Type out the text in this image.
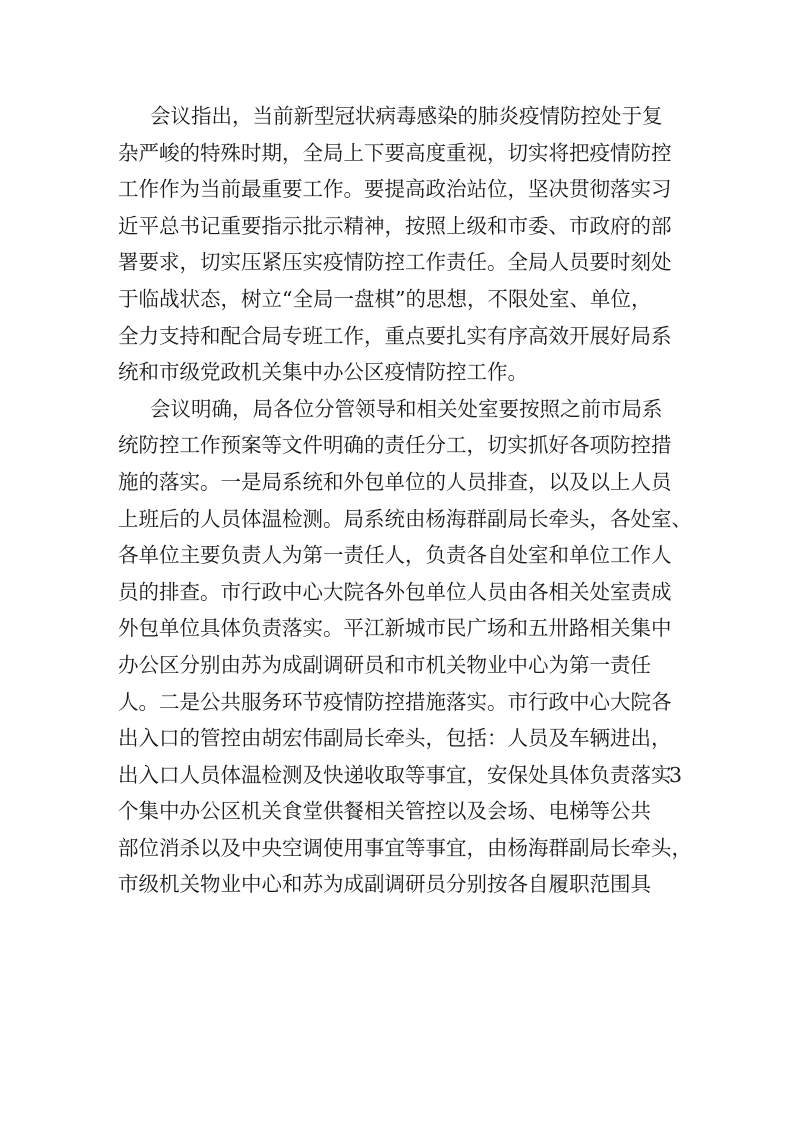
会议指出，当前新型冠状病毒感染的肺炎疫情防控处于复
杂严峻的特殊时期，全局上下要高度重视，切实将把疫情防控
工作作为当前最重要工作。要提高政治站位，坚决贯彻落实习
近平总书记重要指示批示精神，按照上级和市委、市政府的部
署要求，切实压紧压实疫情防控工作责任。全局人员要时刻处
于临战状态，树立“全局一盘棋”的思想，不限处室、单位，
全力支持和配合局专班工作，重点要扎实有序高效开展好局系
统和市级党政机关集中办公区疫情防控工作。
会议明确，局各位分管领导和相关处室要按照之前市局系
统防控工作预案等文件明确的责任分工，切实抓好各项防控措
施的落实。一是局系统和外包单位的人员排查，以及以上人员
上班后的人员体温检测。局系统由杨海群副局长牵头，各处室、
各单位主要负责人为第一责任人，负责各自处室和单位工作人
员的排查。市行政中心大院各外包单位人员由各相关处室责成
外包单位具体负责落实。平江新城市民广场和五卅路相关集中
办公区分别由苏为成副调研员和市机关物业中心为第一责任
人。二是公共服务环节疫情防控措施落实。市行政中心大院各
出入口的管控由胡宏伟副局长牵头，包括：人员及车辆进出，
出入口人员体温检测及快递收取等事宜，安保处具体负责落实
3
个集中办公区机关食堂供餐相关管控以及会场、电梯等公共
部位消杀以及中央空调使用事宜等事宜，由杨海群副局长牵头，
市级机关物业中心和苏为成副调研员分别按各自履职范围具
